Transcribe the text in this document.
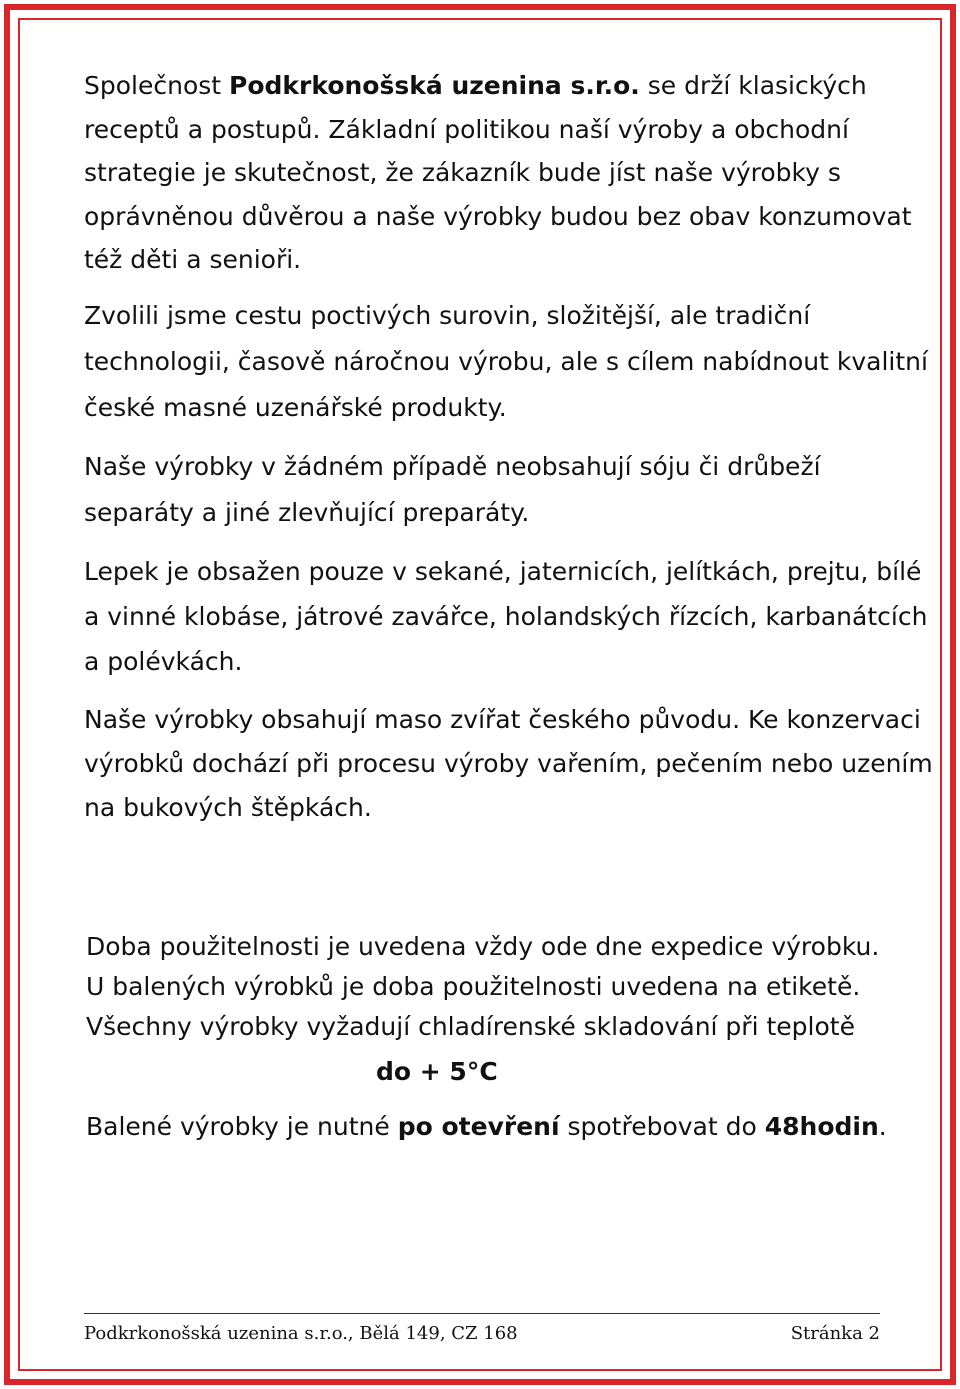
Společnost Podkrkonošská uzenina s.r.o. se drží klasických receptů a postupů. Základní politikou naší výroby a obchodní strategie je skutečnost, že zákazník bude jíst naše výrobky s oprávněnou důvěrou a naše výrobky budou bez obav konzumovat též děti a senioři.

Zvolili jsme cestu poctivých surovin, složitější, ale tradiční technologii, časově náročnou výrobu, ale s cílem nabídnout kvalitní české masné uzenářské produkty.

Naše výrobky v žádném případě neobsahují sóju či drůbeží separáty a jiné zlevňující preparáty.

Lepek je obsažen pouze v sekané, jaternicích, jelítkách, prejtu, bílé a vinné klobáse, játrové zavářce, holandských řízcích, karbanátcích a polévkách.

Naše výrobky obsahují maso zvířat českého původu. Ke konzervaci výrobků dochází při procesu výroby vařením, pečením nebo uzením na bukových štěpkách.

Doba použitelnosti je uvedena vždy ode dne expedice výrobku.

U balených výrobků je doba použitelnosti uvedena na etiketě.

Všechny výrobky vyžadují chladírenské skladování při teplotě

do + 5°C

Balené výrobky je nutné po otevření spotřebovat do 48hodin.

Podkrkonošská uzenina s.r.o., Bělá 149, CZ 168	Stránka 2
